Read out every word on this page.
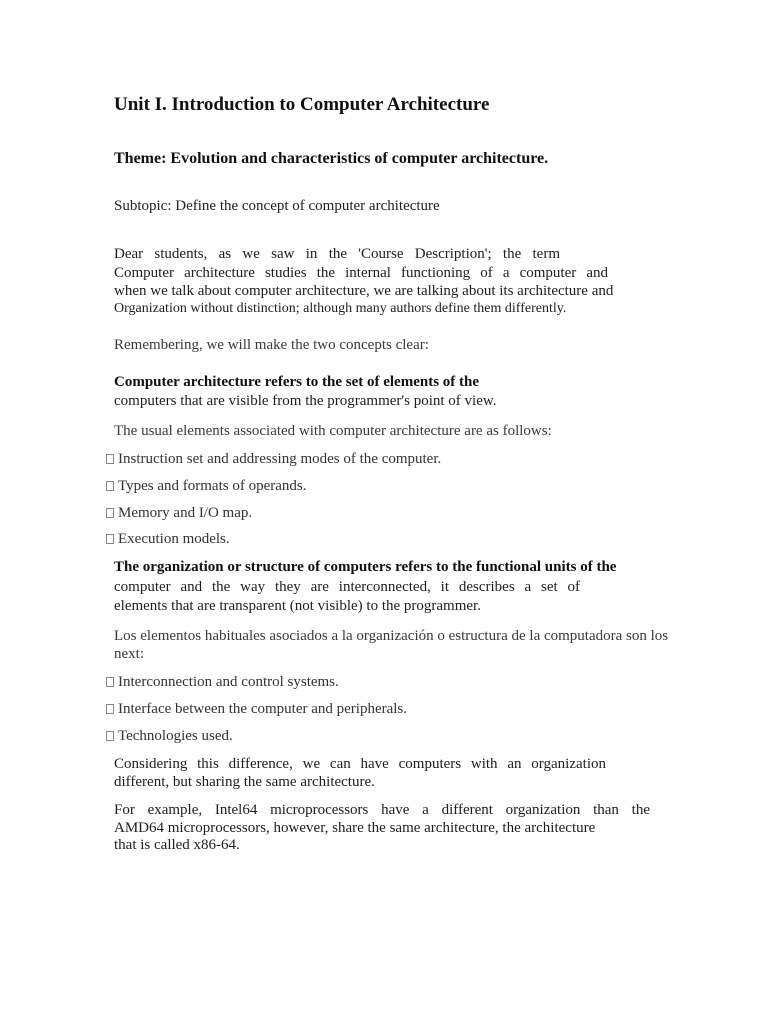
Unit I. Introduction to Computer Architecture

Theme: Evolution and characteristics of computer architecture.

Subtopic: Define the concept of computer architecture

Dear students, as we saw in the 'Course Description'; the term

Computer architecture studies the internal functioning of a computer and

when we talk about computer architecture, we are talking about its architecture and

Organization without distinction; although many authors define them differently.

Remembering, we will make the two concepts clear:

Computer architecture refers to the set of elements of the

computers that are visible from the programmer's point of view.

The usual elements associated with computer architecture are as follows:

Instruction set and addressing modes of the computer.

Types and formats of operands.

Memory and I/O map.

Execution models.

The organization or structure of computers refers to the functional units of the

computer and the way they are interconnected, it describes a set of

elements that are transparent (not visible) to the programmer.

Los elementos habituales asociados a la organización o estructura de la computadora son los

next:

Interconnection and control systems.

Interface between the computer and peripherals.

Technologies used.

Considering this difference, we can have computers with an organization

different, but sharing the same architecture.

For example, Intel64 microprocessors have a different organization than the

AMD64 microprocessors, however, share the same architecture, the architecture

that is called x86-64.
